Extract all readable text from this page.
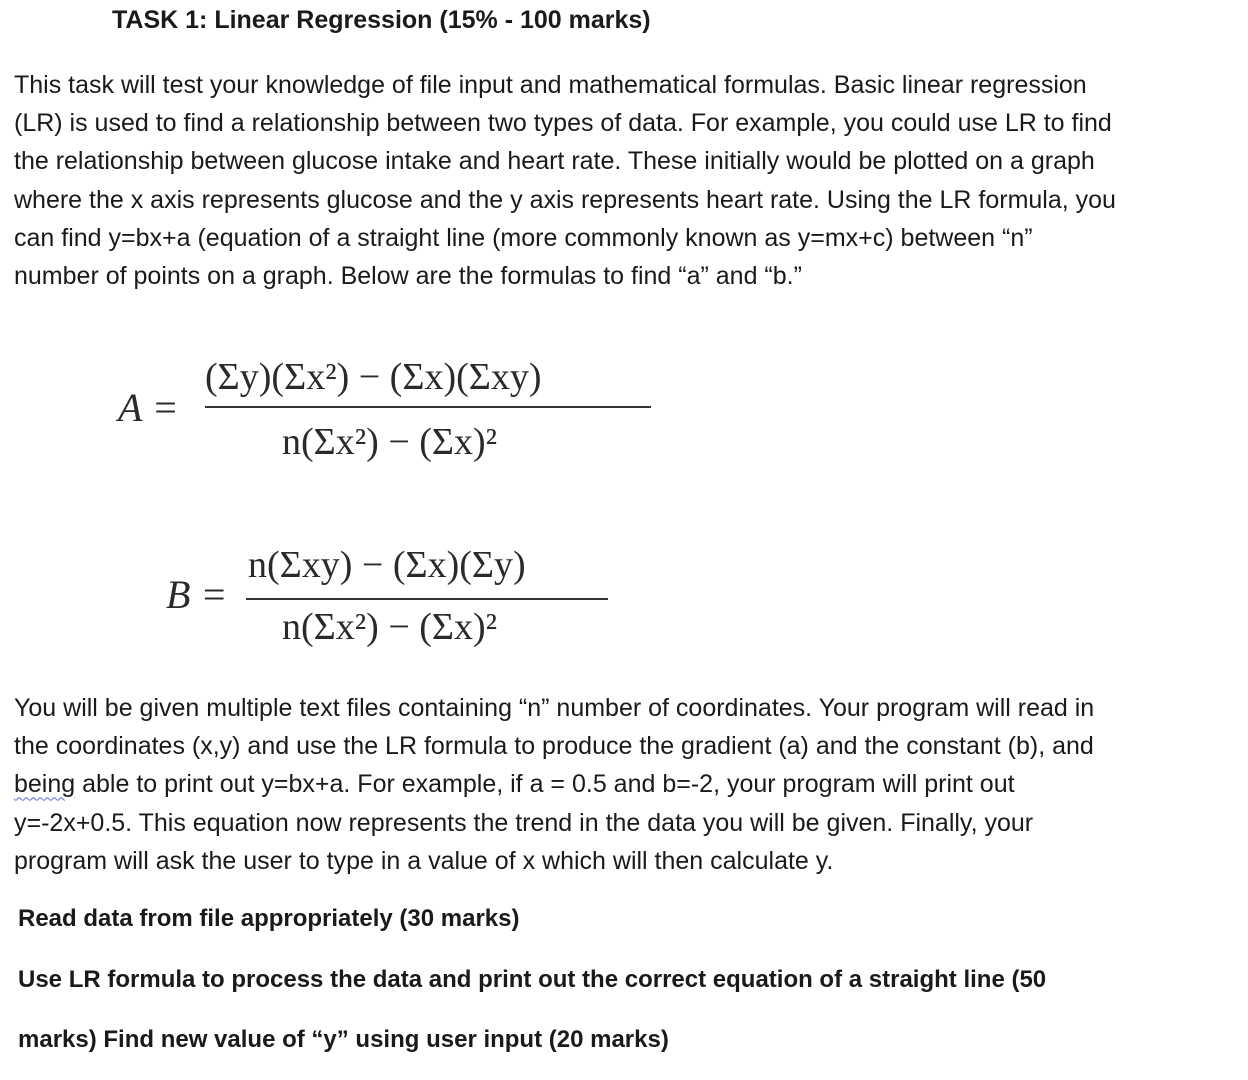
TASK 1: Linear Regression (15% - 100 marks)
This task will test your knowledge of file input and mathematical formulas. Basic linear regression
(LR) is used to find a relationship between two types of data. For example, you could use LR to find
the relationship between glucose intake and heart rate. These initially would be plotted on a graph
where the x axis represents glucose and the y axis represents heart rate. Using the LR formula, you
can find y=bx+a (equation of a straight line (more commonly known as y=mx+c) between “n”
number of points on a graph. Below are the formulas to find “a” and “b.”
A =
(Σy)(Σx²) − (Σx)(Σxy)
n(Σx²) − (Σx)²
B =
n(Σxy) − (Σx)(Σy)
n(Σx²) − (Σx)²
You will be given multiple text files containing “n” number of coordinates. Your program will read in
the coordinates (x,y) and use the LR formula to produce the gradient (a) and the constant (b), and
being able to print out y=bx+a. For example, if a = 0.5 and b=-2, your program will print out
y=-2x+0.5. This equation now represents the trend in the data you will be given. Finally, your
program will ask the user to type in a value of x which will then calculate y.
Read data from file appropriately (30 marks)
Use LR formula to process the data and print out the correct equation of a straight line (50
marks) Find new value of “y” using user input (20 marks)
